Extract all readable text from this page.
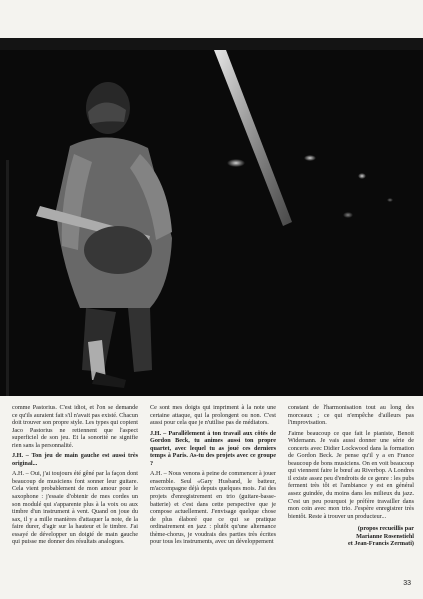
comme Pastorius. C'est idiot, et l'on se demande ce qu'ils auraient fait s'il n'avait pas existé. Chacun doit trouver son propre style. Les types qui copient Jaco Pastorius ne retiennent que l'aspect superficiel de son jeu. Et la sonorité ne signifie rien sans la personnalité.

J.H. – Ton jeu de main gauche est aussi très original...

A.H. – Oui, j'ai toujours été gêné par la façon dont beaucoup de musiciens font sonner leur guitare. Cela vient probablement de mon amour pour le saxophone : j'essaie d'obtenir de mes cordes un son modulé qui s'apparente plus à la voix ou aux timbre d'un instrument à vent. Quand on joue du sax, il y a mille manières d'attaquer la note, de la faire durer, d'agir sur la hauteur et le timbre. J'ai essayé de développer un doigté de main gauche qui puisse me donner des résultats analogues.

Ce sont mes doigts qui impriment à la note une certaine attaque, qui la prolongent ou non. C'est aussi pour cela que je n'utilise pas de médiators.

J.H. – Parallèlement à ton travail aux côtés de Gordon Beck, tu animes aussi ton propre quartet, avec lequel tu as joué ces derniers temps à Paris. As-tu des projets avec ce groupe ?

A.H. – Nous venons à peine de commencer à jouer ensemble. Seul «Gary Husband, le batteur, m'accompagne déjà depuis quelques mois. J'ai des projets d'enregistrement en trio (guitare-basse-batterie) et c'est dans cette perspective que je compose actuellement. J'envisage quelque chose de plus élaboré que ce qui se pratique ordinairement en jazz : plutôt qu'une alternance thème-chorus, je voudrais des parties très écrites pour tous les instruments, avec un développement

constant de l'harmonisation tout au long des morceaux ; ce qui n'empêche d'ailleurs pas l'improvisation.

J'aime beaucoup ce que fait le pianiste, Benoit Widemann. Je vais aussi donner une série de concerts avec Didier Lockwood dans la formation de Gordon Beck. Je pense qu'il y a en France beaucoup de bons musiciens. On en voit beaucoup qui viennent faire le bœuf au Riverbop. A Londres il existe assez peu d'endroits de ce genre : les pubs ferment très tôt et l'ambiance y est en général assez guindée, du moins dans les milieux du jazz. C'est un peu pourquoi je préfère travailler dans mon coin avec mon trio. J'espère enregistrer très bientôt. Reste à trouver un producteur...

(propos recueillis par
Marianne Rosenstiehl
et Jean-Francis Zermati)
33
